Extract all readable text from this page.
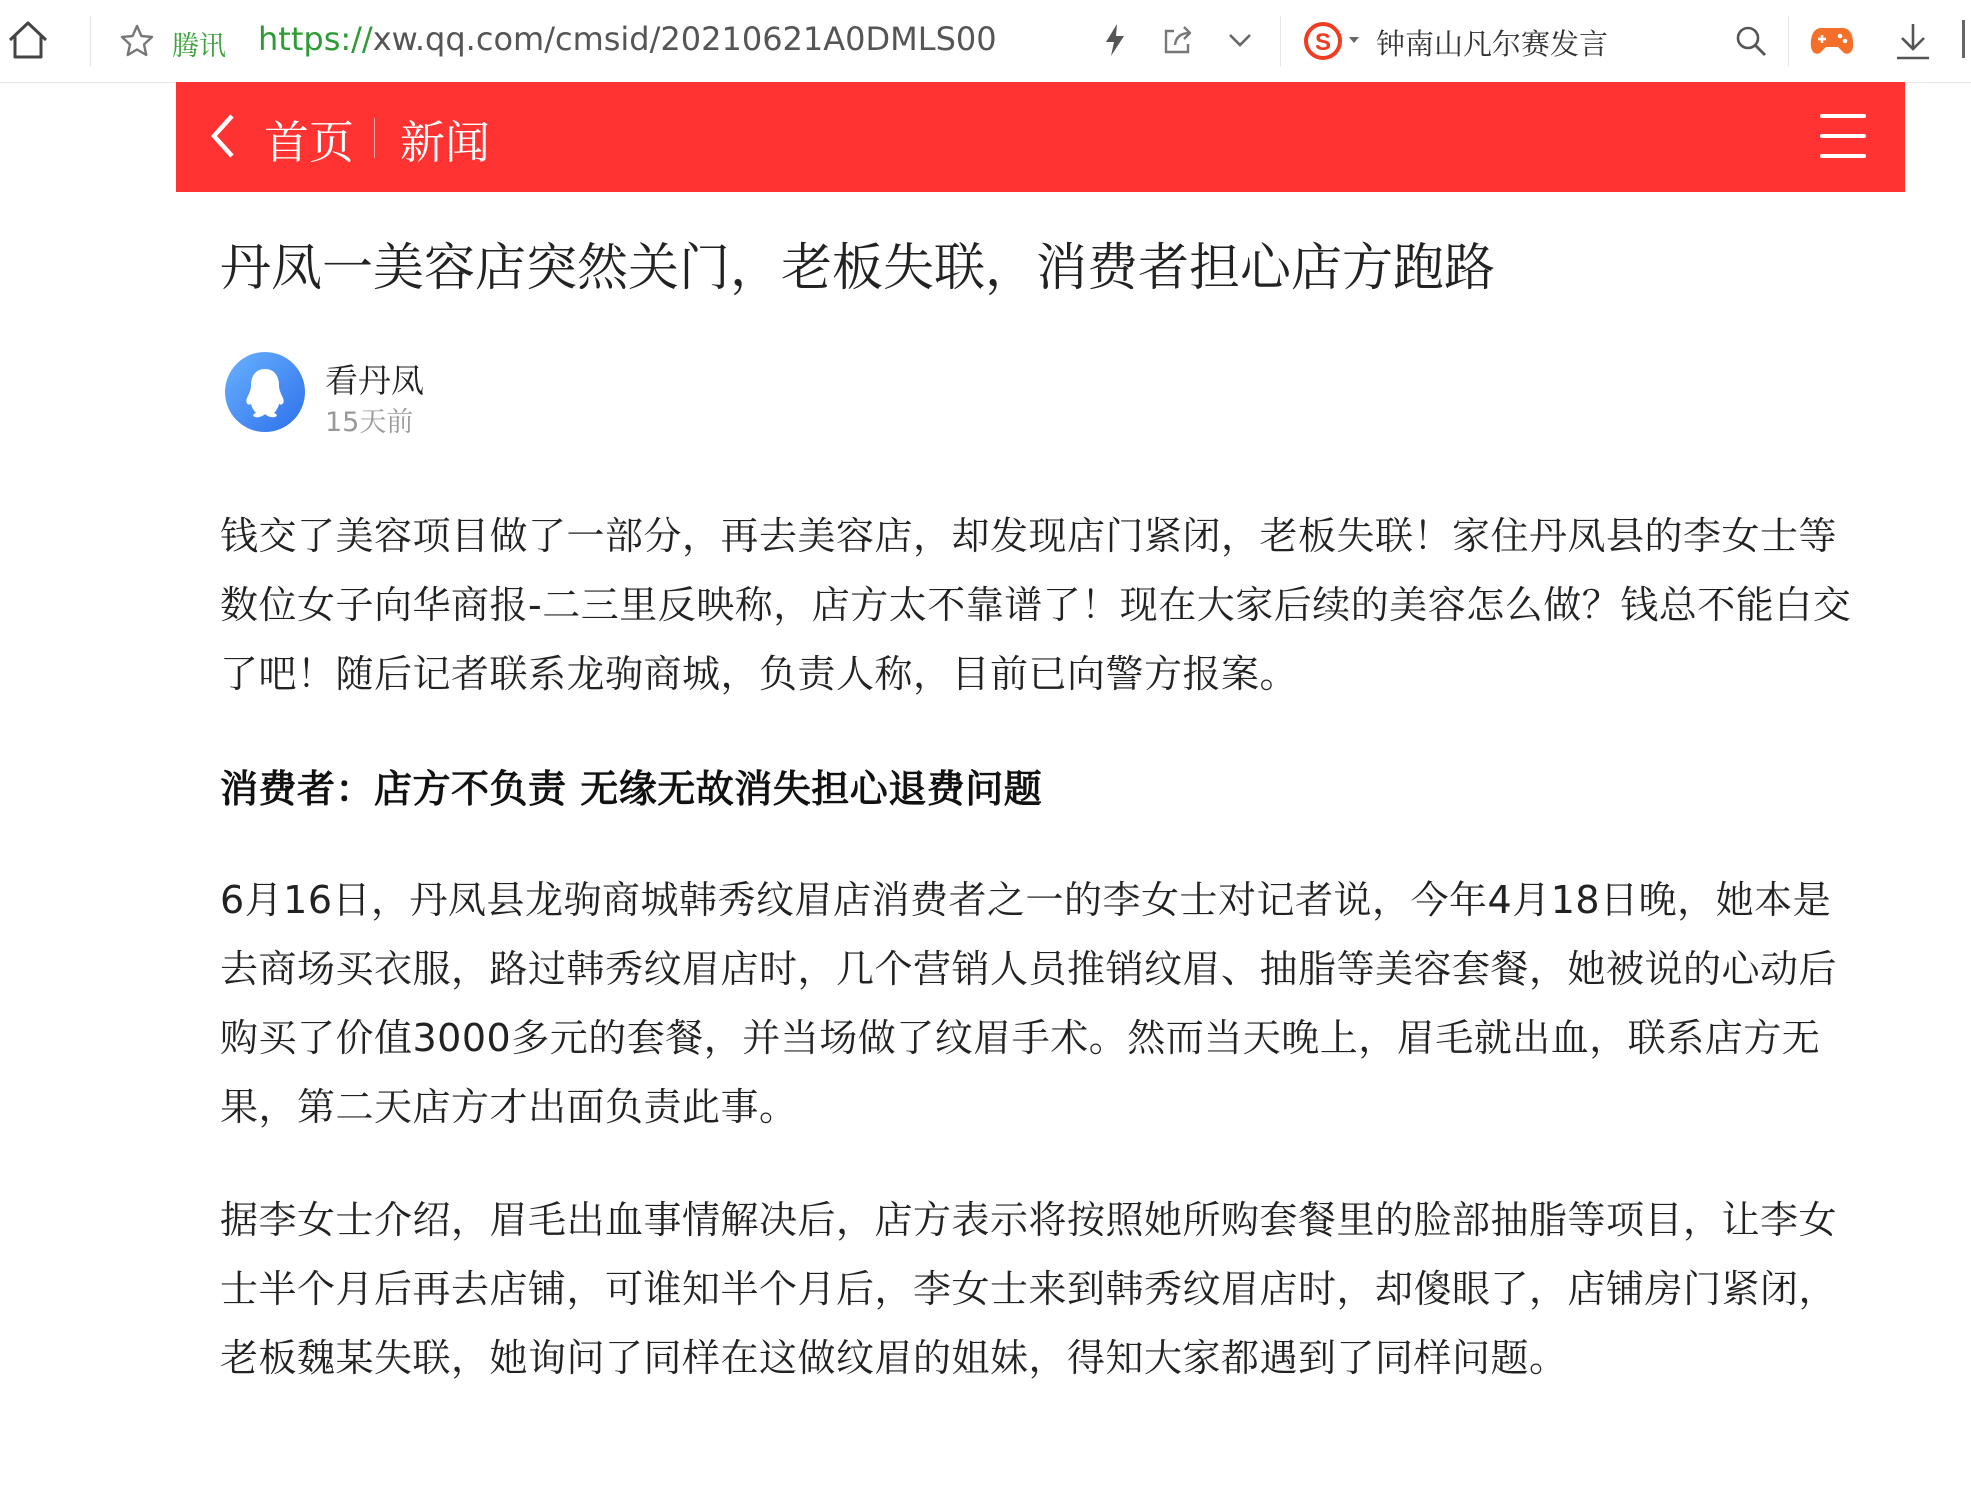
腾讯 https://xw.qq.com/cmsid/20210621A0DMLS00	S 钟南山凡尔赛发言
首页 新闻
丹凤一美容店突然关门，老板失联，消费者担心店方跑路
看丹凤
15天前

钱交了美容项目做了一部分，再去美容店，却发现店门紧闭，老板失联！家住丹凤县的李女士等数位女子向华商报-二三里反映称，店方太不靠谱了！现在大家后续的美容怎么做？钱总不能白交了吧！随后记者联系龙驹商城，负责人称，目前已向警方报案。

消费者：店方不负责 无缘无故消失担心退费问题

6月16日，丹凤县龙驹商城韩秀纹眉店消费者之一的李女士对记者说，今年4月18日晚，她本是去商场买衣服，路过韩秀纹眉店时，几个营销人员推销纹眉、抽脂等美容套餐，她被说的心动后购买了价值3000多元的套餐，并当场做了纹眉手术。然而当天晚上，眉毛就出血，联系店方无果，第二天店方才出面负责此事。

据李女士介绍，眉毛出血事情解决后，店方表示将按照她所购套餐里的脸部抽脂等项目，让李女士半个月后再去店铺，可谁知半个月后，李女士来到韩秀纹眉店时，却傻眼了，店铺房门紧闭，老板魏某失联，她询问了同样在这做纹眉的姐妹，得知大家都遇到了同样问题。
